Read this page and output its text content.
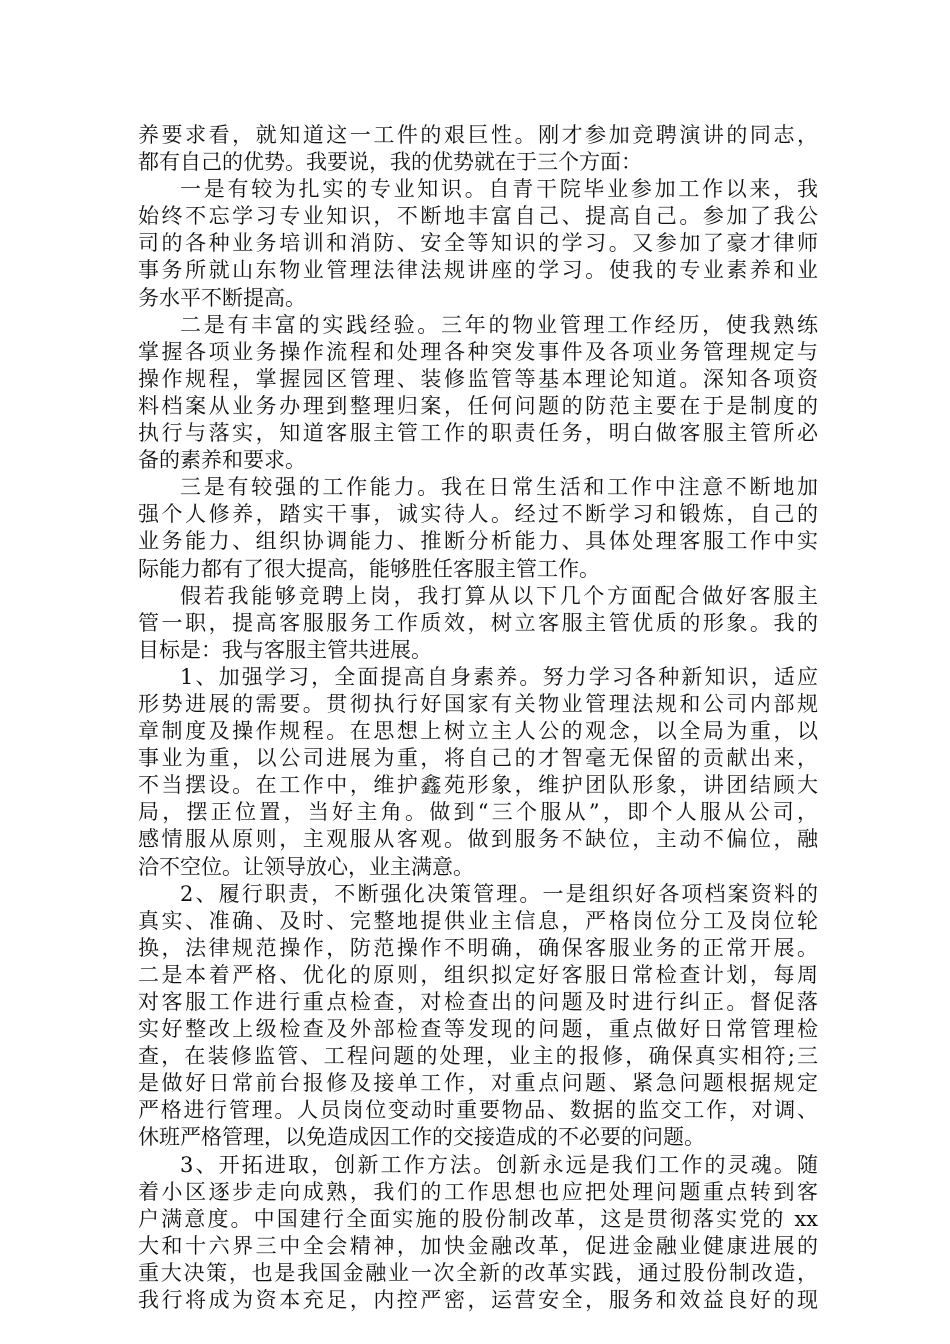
养要求看，就知道这一工件的艰巨性。刚才参加竞聘演讲的同志，
都有自己的优势。我要说，我的优势就在于三个方面：
一是有较为扎实的专业知识。自青干院毕业参加工作以来，我
始终不忘学习专业知识，不断地丰富自己、提高自己。参加了我公
司的各种业务培训和消防、安全等知识的学习。又参加了豪才律师
事务所就山东物业管理法律法规讲座的学习。使我的专业素养和业
务水平不断提高。
二是有丰富的实践经验。三年的物业管理工作经历，使我熟练
掌握各项业务操作流程和处理各种突发事件及各项业务管理规定与
操作规程，掌握园区管理、装修监管等基本理论知道。深知各项资
料档案从业务办理到整理归案，任何问题的防范主要在于是制度的
执行与落实，知道客服主管工作的职责任务，明白做客服主管所必
备的素养和要求。
三是有较强的工作能力。我在日常生活和工作中注意不断地加
强个人修养，踏实干事，诚实待人。经过不断学习和锻炼，自己的
业务能力、组织协调能力、推断分析能力、具体处理客服工作中实
际能力都有了很大提高，能够胜任客服主管工作。
假若我能够竞聘上岗，我打算从以下几个方面配合做好客服主
管一职，提高客服服务工作质效，树立客服主管优质的形象。我的
目标是：我与客服主管共进展。
1、加强学习，全面提高自身素养。努力学习各种新知识，适应
形势进展的需要。贯彻执行好国家有关物业管理法规和公司内部规
章制度及操作规程。在思想上树立主人公的观念，以全局为重，以
事业为重，以公司进展为重，将自己的才智毫无保留的贡献出来，
不当摆设。在工作中，维护鑫苑形象，维护团队形象，讲团结顾大
局，摆正位置，当好主角。做到“三个服从”，即个人服从公司，
感情服从原则，主观服从客观。做到服务不缺位，主动不偏位，融
洽不空位。让领导放心，业主满意。
2、履行职责，不断强化决策管理。一是组织好各项档案资料的
真实、准确、及时、完整地提供业主信息，严格岗位分工及岗位轮
换，法律规范操作，防范操作不明确，确保客服业务的正常开展。
二是本着严格、优化的原则，组织拟定好客服日常检查计划，每周
对客服工作进行重点检查，对检查出的问题及时进行纠正。督促落
实好整改上级检查及外部检查等发现的问题，重点做好日常管理检
查，在装修监管、工程问题的处理，业主的报修，确保真实相符;三
是做好日常前台报修及接单工作，对重点问题、紧急问题根据规定
严格进行管理。人员岗位变动时重要物品、数据的监交工作，对调、
休班严格管理，以免造成因工作的交接造成的不必要的问题。
3、开拓进取，创新工作方法。创新永远是我们工作的灵魂。随
着小区逐步走向成熟，我们的工作思想也应把处理问题重点转到客
户满意度。中国建行全面实施的股份制改革，这是贯彻落实党的 xx
大和十六界三中全会精神，加快金融改革，促进金融业健康进展的
重大决策，也是我国金融业一次全新的改革实践，通过股份制改造，
我行将成为资本充足，内控严密，运营安全，服务和效益良好的现
